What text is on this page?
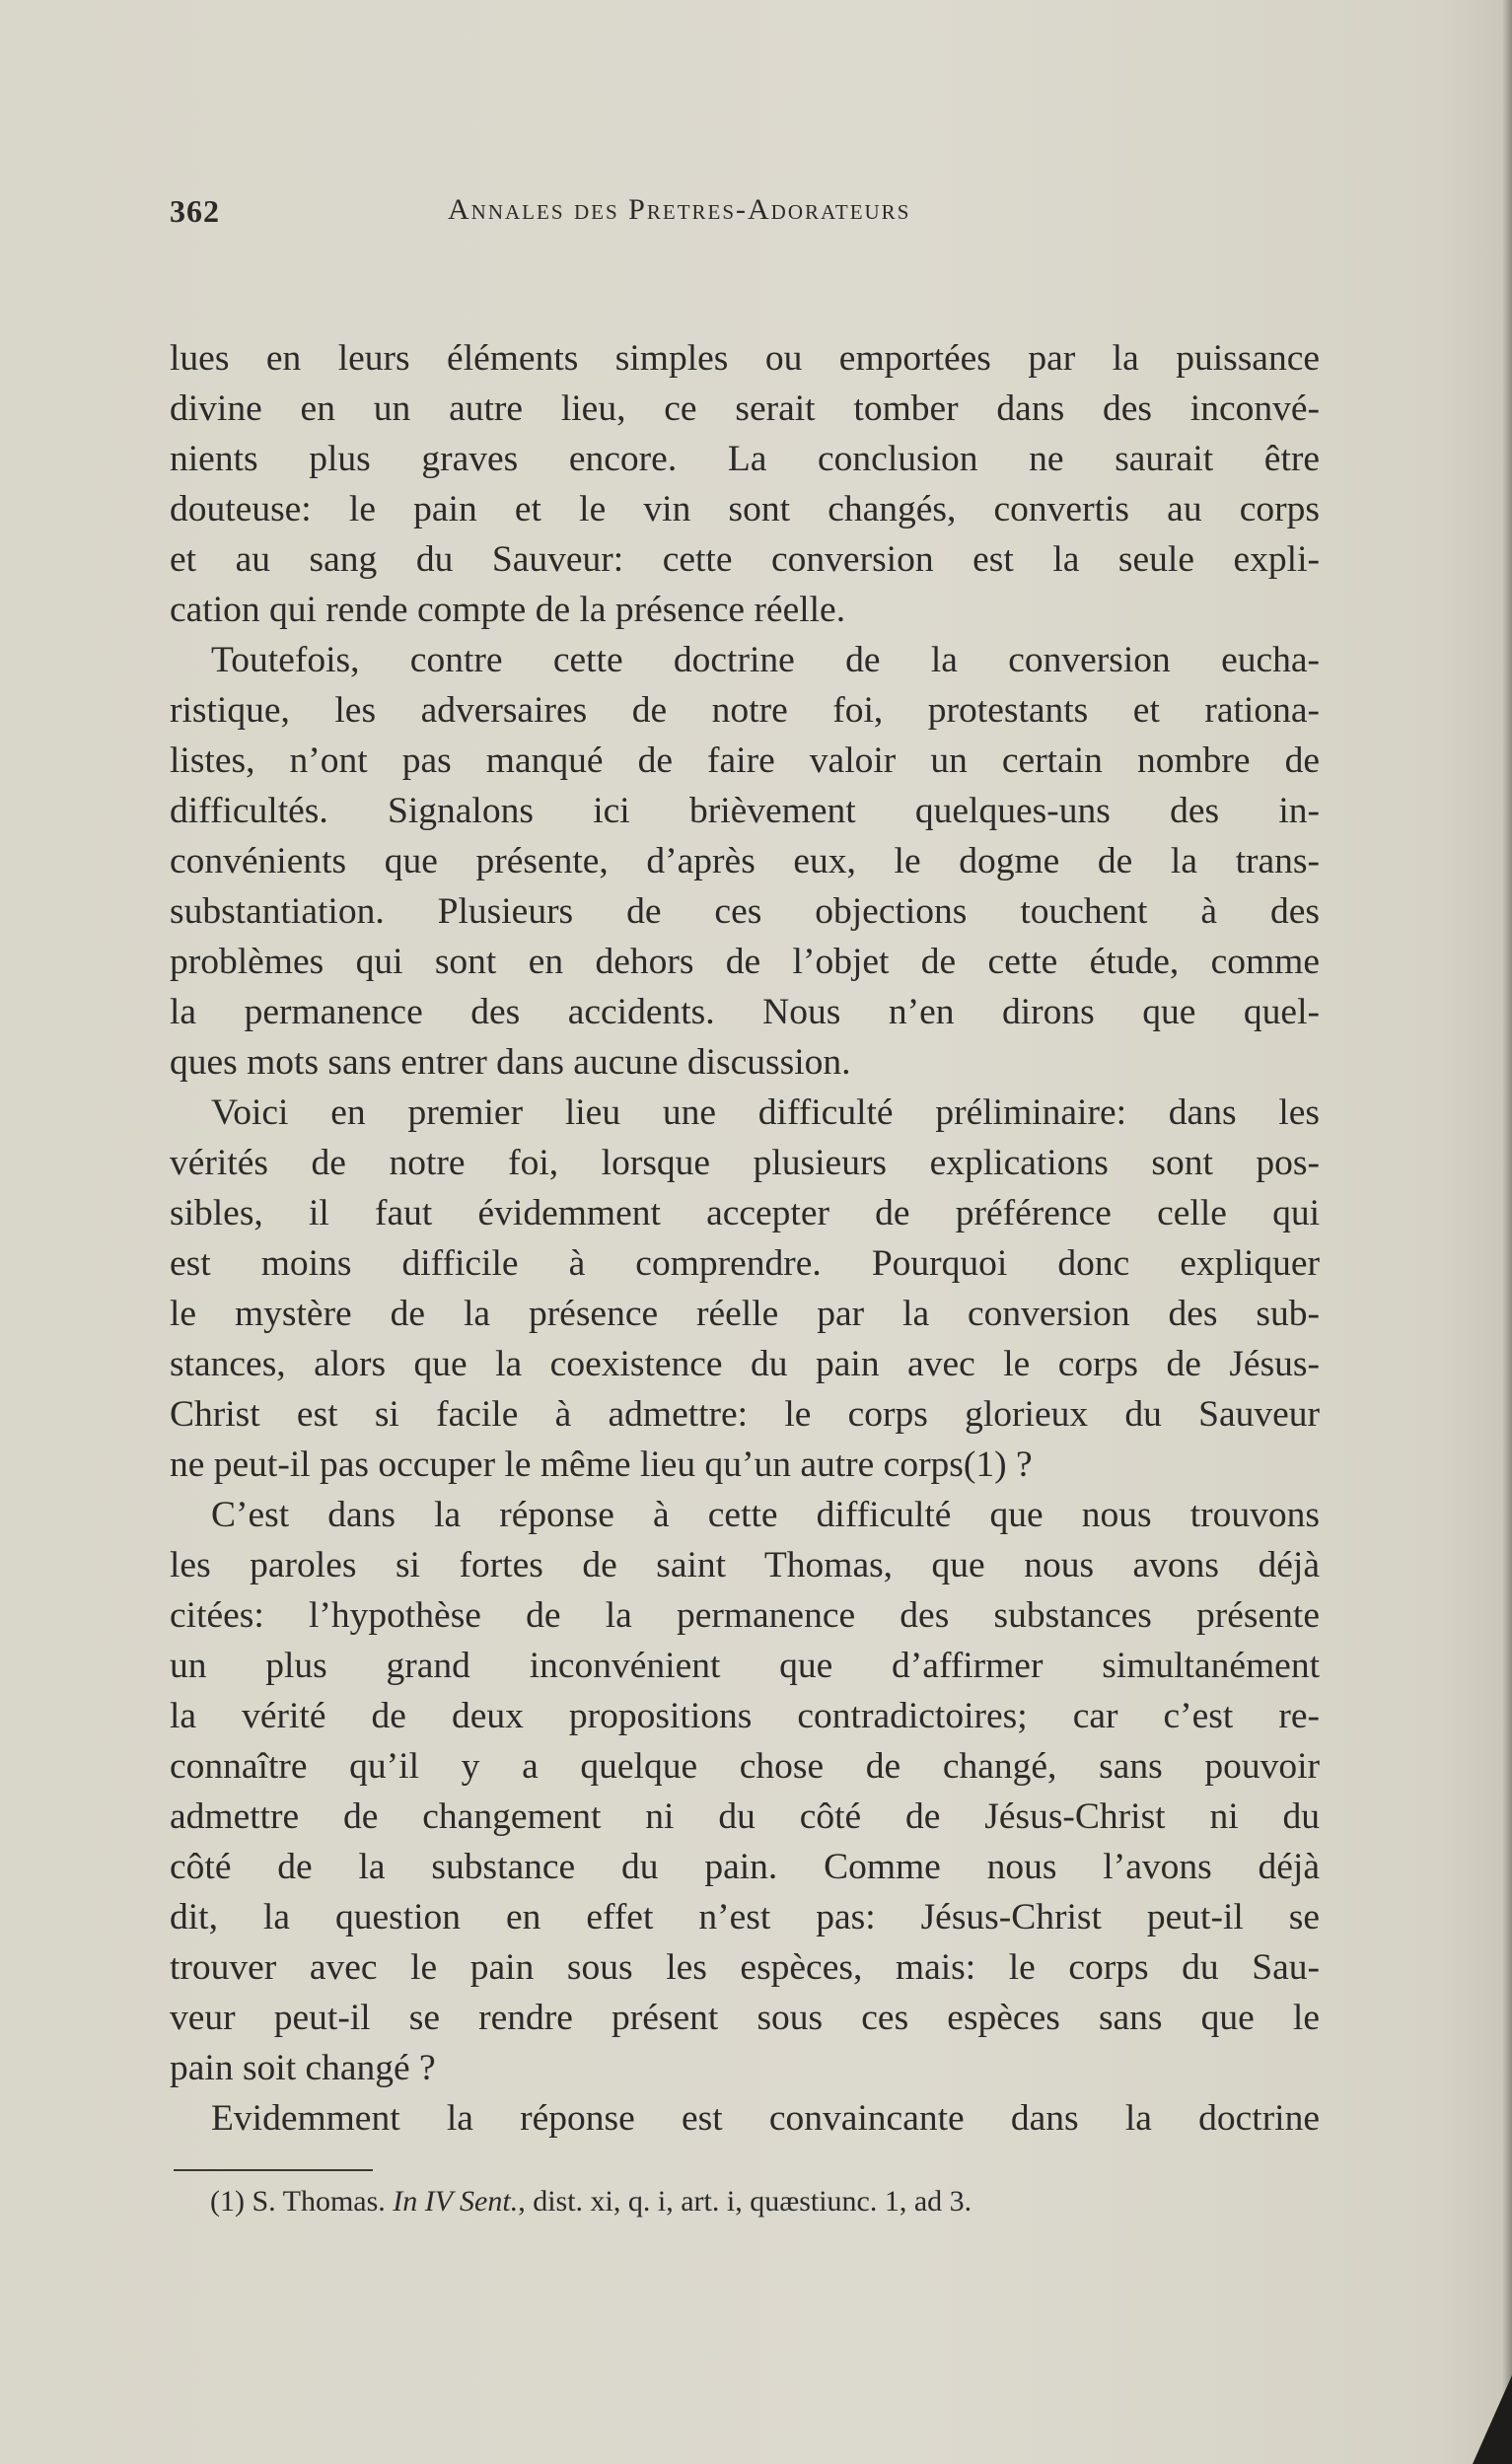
362	Annales des Pretres-Adorateurs
lues en leurs éléments simples ou emportées par la puissance
divine en un autre lieu, ce serait tomber dans des inconvé-
nients plus graves encore. La conclusion ne saurait être
douteuse: le pain et le vin sont changés, convertis au corps
et au sang du Sauveur: cette conversion est la seule expli-
cation qui rende compte de la présence réelle.
Toutefois, contre cette doctrine de la conversion eucha-
ristique, les adversaires de notre foi, protestants et rationa-
listes, n’ont pas manqué de faire valoir un certain nombre de
difficultés. Signalons ici brièvement quelques-uns des in-
convénients que présente, d’après eux, le dogme de la trans-
substantiation. Plusieurs de ces objections touchent à des
problèmes qui sont en dehors de l’objet de cette étude, comme
la permanence des accidents. Nous n’en dirons que quel-
ques mots sans entrer dans aucune discussion.
Voici en premier lieu une difficulté préliminaire: dans les
vérités de notre foi, lorsque plusieurs explications sont pos-
sibles, il faut évidemment accepter de préférence celle qui
est moins difficile à comprendre. Pourquoi donc expliquer
le mystère de la présence réelle par la conversion des sub-
stances, alors que la coexistence du pain avec le corps de Jésus-
Christ est si facile à admettre: le corps glorieux du Sauveur
ne peut-il pas occuper le même lieu qu’un autre corps(1) ?
C’est dans la réponse à cette difficulté que nous trouvons
les paroles si fortes de saint Thomas, que nous avons déjà
citées: l’hypothèse de la permanence des substances présente
un plus grand inconvénient que d’affirmer simultanément
la vérité de deux propositions contradictoires; car c’est re-
connaître qu’il y a quelque chose de changé, sans pouvoir
admettre de changement ni du côté de Jésus-Christ ni du
côté de la substance du pain. Comme nous l’avons déjà
dit, la question en effet n’est pas: Jésus-Christ peut-il se
trouver avec le pain sous les espèces, mais: le corps du Sau-
veur peut-il se rendre présent sous ces espèces sans que le
pain soit changé ?
Evidemment la réponse est convaincante dans la doctrine
(1) S. Thomas. In IV Sent., dist. xi, q. i, art. i, quæstiunc. 1, ad 3.
